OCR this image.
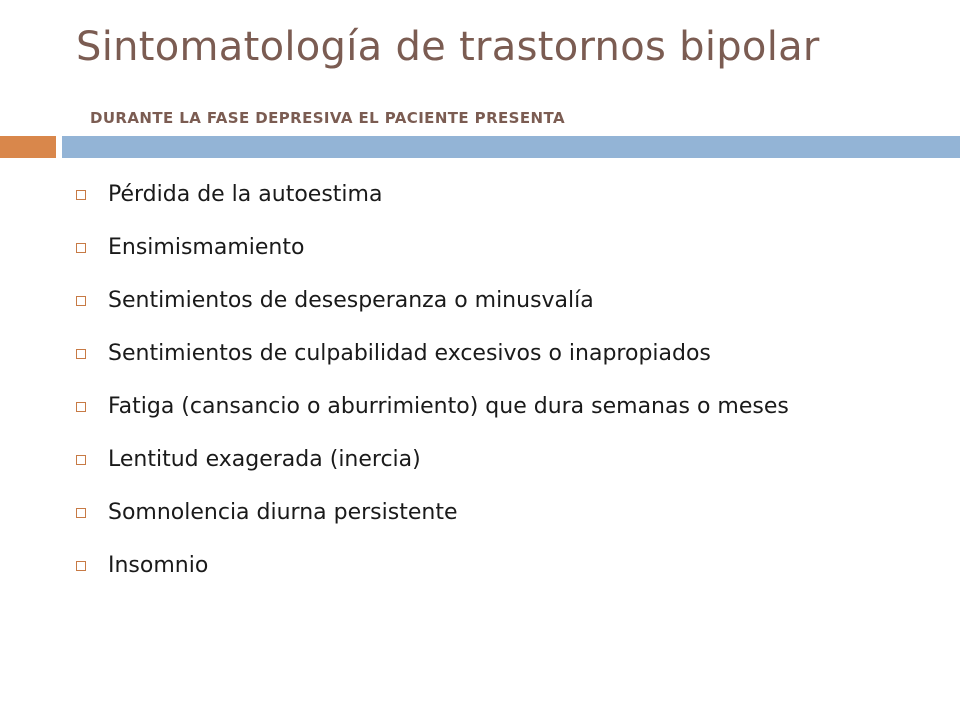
Sintomatología de trastornos bipolar
DURANTE LA FASE DEPRESIVA EL PACIENTE PRESENTA
Pérdida de la autoestima
Ensimismamiento
Sentimientos de desesperanza o minusvalía
Sentimientos de culpabilidad excesivos o inapropiados
Fatiga (cansancio o aburrimiento) que dura semanas o meses
Lentitud exagerada (inercia)
Somnolencia diurna persistente
Insomnio
